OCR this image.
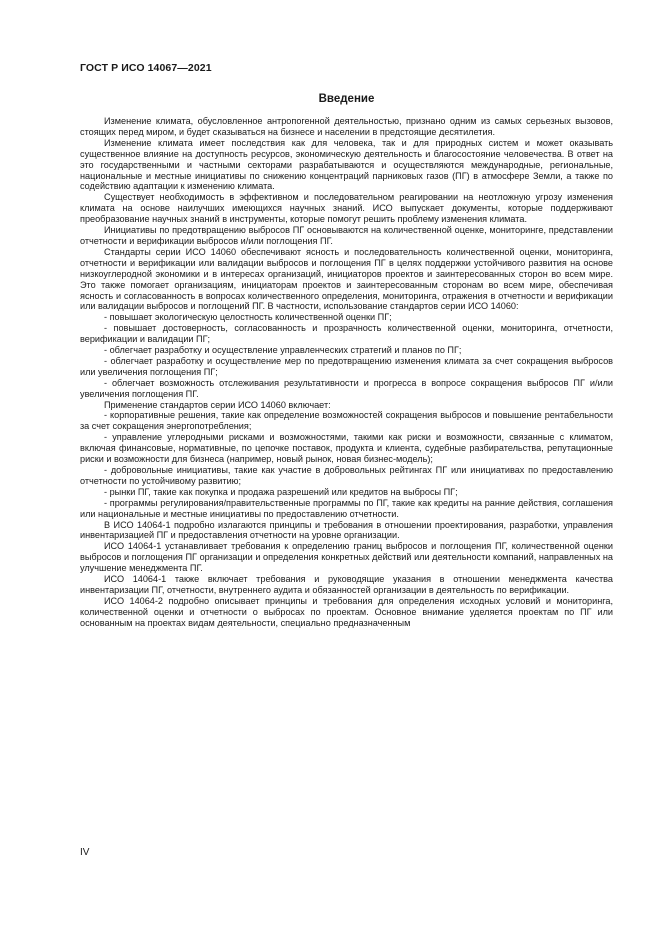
ГОСТ Р ИСО 14067—2021
Введение

Изменение климата, обусловленное антропогенной деятельностью, признано одним из самых серьезных вызовов, стоящих перед миром, и будет сказываться на бизнесе и населении в предстоящие десятилетия.

Изменение климата имеет последствия как для человека, так и для природных систем и может оказывать существенное влияние на доступность ресурсов, экономическую деятельность и благосостояние человечества. В ответ на это государственными и частными секторами разрабатываются и осуществляются международные, региональные, национальные и местные инициативы по снижению концентраций парниковых газов (ПГ) в атмосфере Земли, а также по содействию адаптации к изменению климата.

Существует необходимость в эффективном и последовательном реагировании на неотложную угрозу изменения климата на основе наилучших имеющихся научных знаний. ИСО выпускает документы, которые поддерживают преобразование научных знаний в инструменты, которые помогут решить проблему изменения климата.

Инициативы по предотвращению выбросов ПГ основываются на количественной оценке, мониторинге, представлении отчетности и верификации выбросов и/или поглощения ПГ.

Стандарты серии ИСО 14060 обеспечивают ясность и последовательность количественной оценки, мониторинга, отчетности и верификации или валидации выбросов и поглощения ПГ в целях поддержки устойчивого развития на основе низкоуглеродной экономики и в интересах организаций, инициаторов проектов и заинтересованных сторон во всем мире. Это также помогает организациям, инициаторам проектов и заинтересованным сторонам во всем мире, обеспечивая ясность и согласованность в вопросах количественного определения, мониторинга, отражения в отчетности и верификации или валидации выбросов и поглощений ПГ. В частности, использование стандартов серии ИСО 14060:

- повышает экологическую целостность количественной оценки ПГ;

- повышает достоверность, согласованность и прозрачность количественной оценки, мониторинга, отчетности, верификации и валидации ПГ;

- облегчает разработку и осуществление управленческих стратегий и планов по ПГ;

- облегчает разработку и осуществление мер по предотвращению изменения климата за счет сокращения выбросов или увеличения поглощения ПГ;

- облегчает возможность отслеживания результативности и прогресса в вопросе сокращения выбросов ПГ и/или увеличения поглощения ПГ.

Применение стандартов серии ИСО 14060 включает:

- корпоративные решения, такие как определение возможностей сокращения выбросов и повышение рентабельности за счет сокращения энергопотребления;

- управление углеродными рисками и возможностями, такими как риски и возможности, связанные с климатом, включая финансовые, нормативные, по цепочке поставок, продукта и клиента, судебные разбирательства, репутационные риски и возможности для бизнеса (например, новый рынок, новая бизнес-модель);

- добровольные инициативы, такие как участие в добровольных рейтингах ПГ или инициативах по предоставлению отчетности по устойчивому развитию;

- рынки ПГ, такие как покупка и продажа разрешений или кредитов на выбросы ПГ;

- программы регулирования/правительственные программы по ПГ, такие как кредиты на ранние действия, соглашения или национальные и местные инициативы по предоставлению отчетности.

В ИСО 14064-1 подробно излагаются принципы и требования в отношении проектирования, разработки, управления инвентаризацией ПГ и предоставления отчетности на уровне организации.

ИСО 14064-1 устанавливает требования к определению границ выбросов и поглощения ПГ, количественной оценки выбросов и поглощения ПГ организации и определения конкретных действий или деятельности компаний, направленных на улучшение менеджмента ПГ.

ИСО 14064-1 также включает требования и руководящие указания в отношении менеджмента качества инвентаризации ПГ, отчетности, внутреннего аудита и обязанностей организации в деятельность по верификации.

ИСО 14064-2 подробно описывает принципы и требования для определения исходных условий и мониторинга, количественной оценки и отчетности о выбросах по проектам. Основное внимание уделяется проектам по ПГ или основанным на проектах видам деятельности, специально предназначенным

IV
